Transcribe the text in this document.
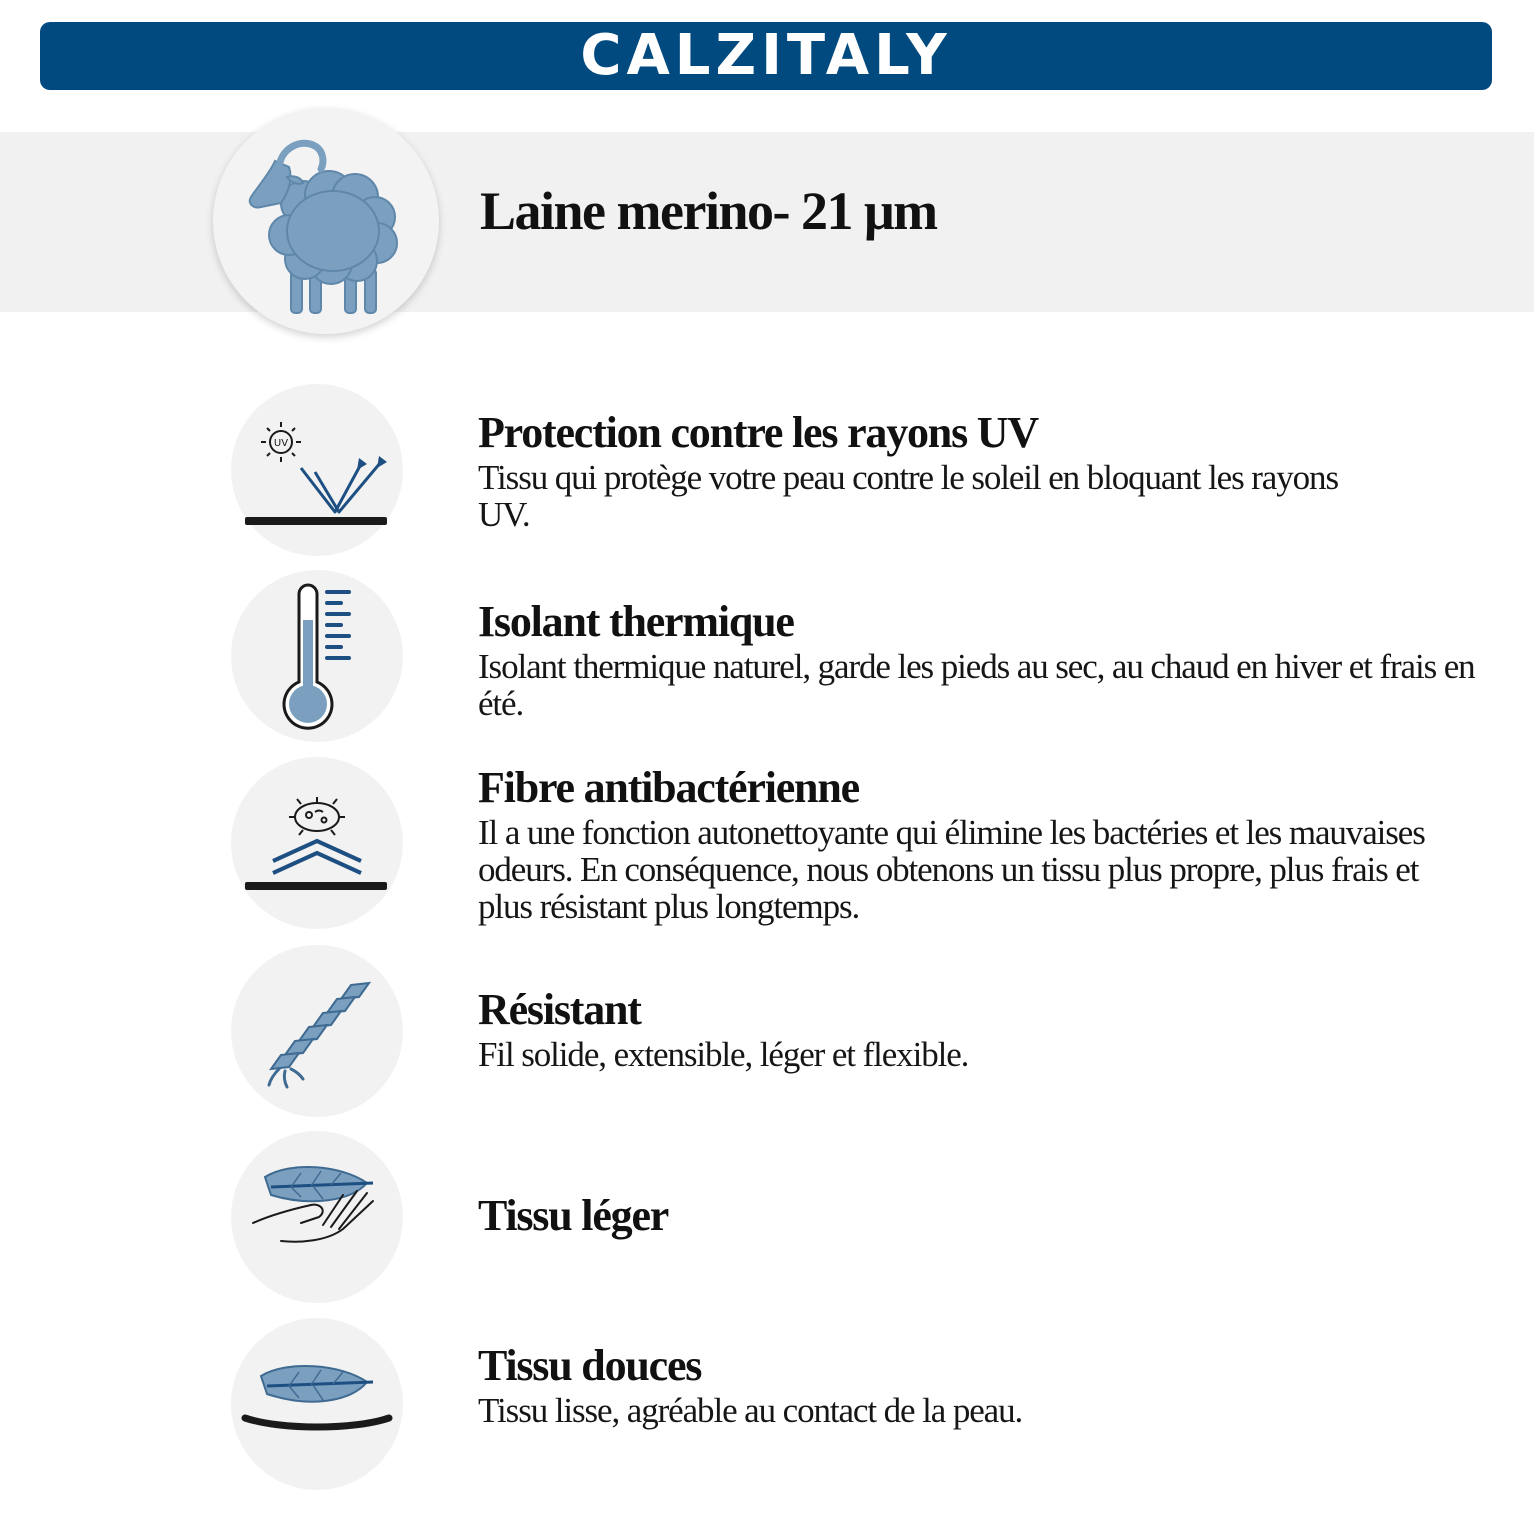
CALZITALY
Laine merino- 21 μm
UV	Protection contre les rayons UV
Tissu qui protège votre peau contre le soleil en bloquant les rayons UV.
Isolant thermique
Isolant thermique naturel, garde les pieds au sec, au chaud en hiver et frais en été.
Fibre antibactérienne
Il a une fonction autonettoyante qui élimine les bactéries et les mauvaises odeurs. En conséquence, nous obtenons un tissu plus propre, plus frais et plus résistant plus longtemps.
Résistant
Fil solide, extensible, léger et flexible.
Tissu léger
Tissu douces
Tissu lisse, agréable au contact de la peau.
